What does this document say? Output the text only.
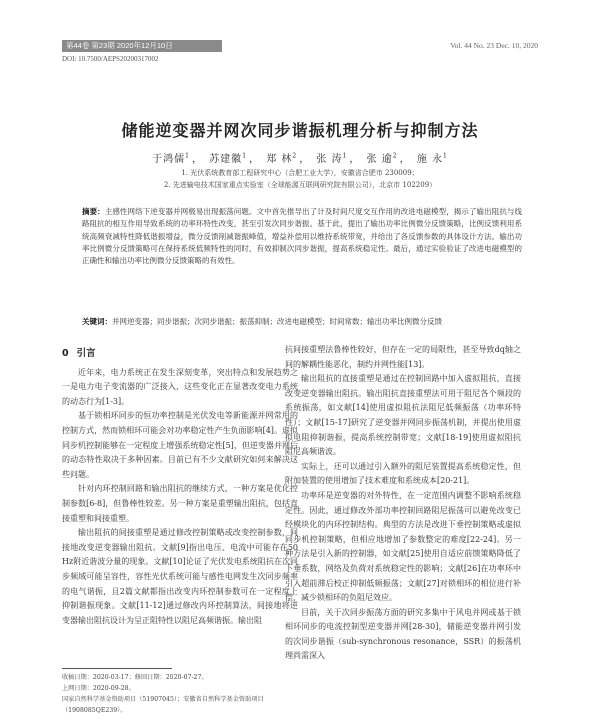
第44卷 第23期 2020年12月10日	Vol. 44 No. 23 Dec. 10, 2020
DOI: 10.7500/AEPS20200317002
储能逆变器并网次同步谐振机理分析与抑制方法
于鸿儒$^1$ ， 苏建徽$^1$ ， 郑 林$^2$ ， 张 涛$^1$ ， 张 逾$^2$ ， 施 永$^1$
1. 光伏系统教育部工程研究中心（合肥工业大学），安徽省合肥市 230009；
2. 先进输电技术国家重点实验室（全球能源互联网研究院有限公司），北京市 102209）
摘要：主感性网络下逆变器并网极易出现振荡问题。文中首先推导出了计及时间尺度交互作用的改进电磁模型，揭示了输出阻抗与线路阻抗的相互作用导致系统的功率环特性改变，甚至引发次同步谐振。基于此，提出了输出功率比例微分反馈策略，比例反馈利用系统高频衰减特性降低谐振增益，微分反馈削减谐振峰值，增益补偿用以维持系统带宽，并给出了各反馈参数的具体设计方法。输出功率比例微分反馈策略可在保持系统低频特性的同时，有效抑制次同步谐振，提高系统稳定性。最后，通过实验验证了改进电磁模型的正确性和输出功率比例微分反馈策略的有效性。
关键词：并网逆变器；同步谐振；次同步谐振；振荡抑制；改进电磁模型；时间常数；输出功率比例微分反馈
0 引言

近年来，电力系统正在发生深刻变革，突出特点和发展趋势之一是电力电子变流器的广泛接入，这些变化正在显著改变电力系统的动态行为[1-3]。

基于锁相环同步的恒功率控制是光伏发电等新能源并网常用的控制方式，然而锁相环可能会对功率稳定性产生负面影响[4]。虚拟同步机控制能够在一定程度上增强系统稳定性[5]，但逆变器并网后的动态特性取决于多种因素。目前已有不少文献研究如何来解决这些问题。

针对内环控制回路和输出阻抗的继续方式，一种方案是优化控制参数[6-8]，但鲁棒性较差。另一种方案是重塑输出阻抗，包括直接重塑和间接重塑。

输出阻抗的间接重塑是通过修改控制策略或改变控制参数，间接地改变逆变器输出阻抗。文献[9]指出电压、电流中可能存在50 Hz附近谐波分量的现象。文献[10]论证了光伏发电系统阻抗在次同步频域可能呈容性，容性光伏系统可能与感性电网发生次同步频率的电气谐振，且2篇文献都指出改变内环控制参数可在一定程度上抑制谐振现象。文献[11-12]通过修改内环控制算法，间接地将逆变器输出阻抗设计为呈正阻特性以阻尼高频谐振。输出阻

抗间接重塑法鲁棒性较好，但存在一定的局限性，甚至导致dq轴之间的解耦性能恶化，制约并网性能[13]。

输出阻抗的直接重塑是通过在控制回路中加入虚拟阻抗，直接改变逆变器输出阻抗。输出阻抗直接重塑法可用于阻尼各个频段的系统振荡，如文献[14]使用虚拟阻抗法阻尼低频振荡（功率环特性）；文献[15-17]研究了逆变器并网同步振荡机制，并提出使用虚拟电阻抑制谐振，提高系统控制带宽；文献[18-19]使用虚拟阻抗阻尼高频谐波。

实际上，还可以通过引入额外的阻尼装置提高系统稳定性，但附加装置的使用增加了技术难度和系统成本[20-21]。

功率环是逆变器的对外特性，在一定范围内调整不影响系统稳定性。因此，通过修改外部功率控制回路阻尼振荡可以避免改变已经模块化的内环控制结构。典型的方法是改进下垂控制策略或虚拟同步机控制策略，但相应地增加了参数整定的难度[22-24]。另一种方法是引入新的控制器，如文献[25]使用自适应前馈策略降低了下垂系数，网络及负荷对系统稳定性的影响；文献[26]在功率环中引入超前滞后校正抑制低频振荡；文献[27]对锁相环的相位进行补偿，减少锁相环的负阻尼效应。

目前，关于次同步振荡方面的研究多集中于风电并网或基于锁相环同步的电流控制型逆变器并网[28-30]，储能逆变器并网引发的次同步谐振（sub-synchronous resonance，SSR）的振荡机理尚需深入

收稿日期：2020-03-17；修回日期：2020-07-27。
上网日期：2020-09-28。
国家自然科学基金资助项目（51907045）；安徽省自然科学基金资助项目（1908085QE239）。
